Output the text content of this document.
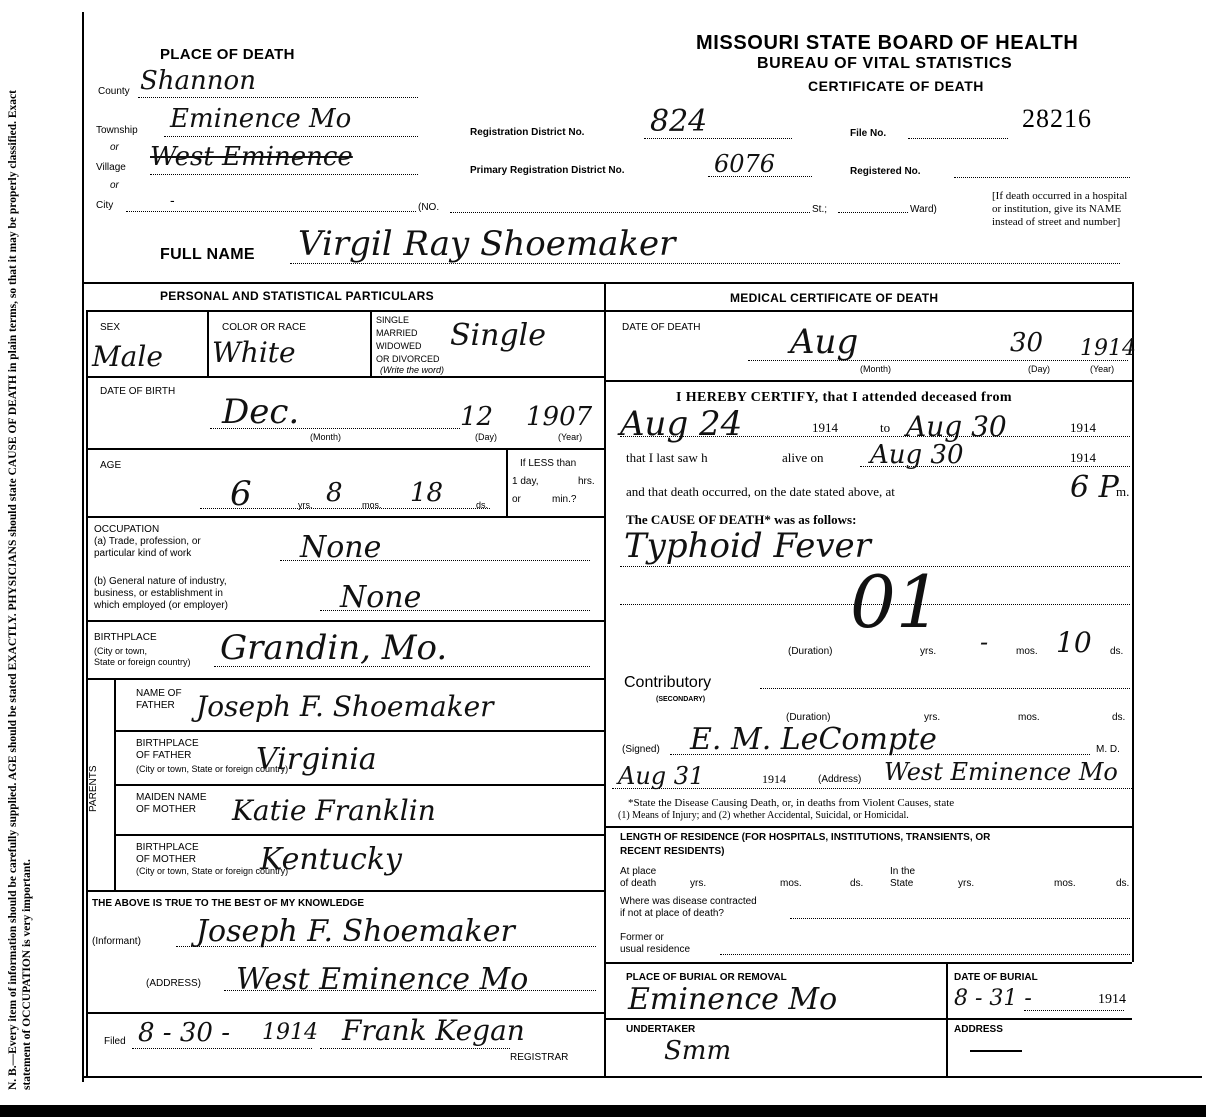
N. B.—Every item of information should be carefully supplied. AGE should be stated EXACTLY. PHYSICIANS should state CAUSE OF DEATH in plain terms, so that it may be properly classified. Exact statement of OCCUPATION is very important.
MISSOURI STATE BOARD OF HEALTH
BUREAU OF VITAL STATISTICS
CERTIFICATE OF DEATH
PLACE OF DEATH
County Shannon
Township Eminence Mo
or
Village West Eminence
or
City	-	(NO.	St.;	Ward)
Registration District No. 824
Primary Registration District No.	6076
File No.
28216
Registered No.
[If death occurred in a hospital or institution, give its NAME instead of street and number]
FULL NAME Virgil Ray Shoemaker
PERSONAL AND STATISTICAL PARTICULARS	MEDICAL CERTIFICATE OF DEATH
SEX
Male
COLOR OR RACE
White
SINGLE
MARRIED
WIDOWED
OR DIVORCED
(Write the word)
Single
DATE OF BIRTH
Dec.	12 1907
(Month)	(Day)	(Year)
AGE
6	yrs. 8 mos. 18	ds.
If LESS than
1 day,	hrs.
or	min.?
OCCUPATION
(a) Trade, profession, or
particular kind of work	None
(b) General nature of industry,
business, or establishment in
which employed (or employer)	None
BIRTHPLACE
(City or town,
State or foreign country) Grandin, Mo.
PARENTS
NAME OF
FATHER Joseph F. Shoemaker
BIRTHPLACE
OF FATHER
(City or town, State or foreign country)
Virginia
MAIDEN NAME
OF MOTHER Katie Franklin
BIRTHPLACE
OF MOTHER
(City or town, State or foreign country)
Kentucky
THE ABOVE IS TRUE TO THE BEST OF MY KNOWLEDGE
(Informant) Joseph F. Shoemaker
(ADDRESS) West Eminence Mo
Filed 8 - 30 - 1914 Frank Kegan
REGISTRAR
DATE OF DEATH	Aug	30 1914
(Month)	(Day)	(Year)
I HEREBY CERTIFY, that I attended deceased from
Aug 24	1914	to Aug 30	1914
that I last saw h	alive on Aug 30	1914
and that death occurred, on the date stated above, at	6 P
m.
The CAUSE OF DEATH* was as follows:
Typhoid Fever
01
(Duration)	yrs. -	mos. 10 ds.
Contributory
(SECONDARY)
(Duration)	yrs.	mos.	ds.
(Signed) E. M. LeCompte	M. D.
Aug 31	1914	(Address) West Eminence Mo
*State the Disease Causing Death, or, in deaths from Violent Causes, state
(1) Means of Injury; and (2) whether Accidental, Suicidal, or Homicidal.
LENGTH OF RESIDENCE (FOR HOSPITALS, INSTITUTIONS, TRANSIENTS, OR
RECENT RESIDENTS)
At place
of death	yrs.	mos.	ds.
In the
State	yrs.	mos.	ds.
Where was disease contracted
if not at place of death?
Former or
usual residence
PLACE OF BURIAL OR REMOVAL
Eminence Mo
DATE OF BURIAL
8 - 31 -	1914
UNDERTAKER
Smm
ADDRESS
